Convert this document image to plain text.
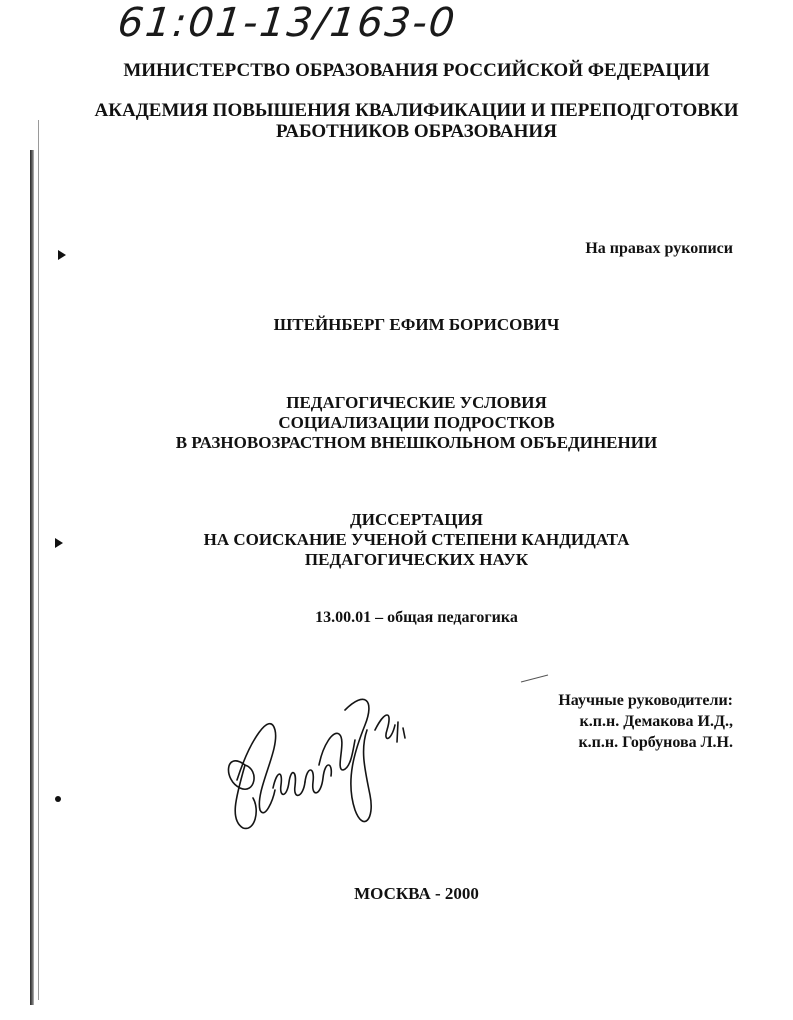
61:01-13/163-0
МИНИСТЕРСТВО ОБРАЗОВАНИЯ РОССИЙСКОЙ ФЕДЕРАЦИИ
АКАДЕМИЯ ПОВЫШЕНИЯ КВАЛИФИКАЦИИ И ПЕРЕПОДГОТОВКИ
РАБОТНИКОВ ОБРАЗОВАНИЯ
На правах рукописи
ШТЕЙНБЕРГ ЕФИМ БОРИСОВИЧ
ПЕДАГОГИЧЕСКИЕ УСЛОВИЯ
СОЦИАЛИЗАЦИИ ПОДРОСТКОВ
В РАЗНОВОЗРАСТНОМ ВНЕШКОЛЬНОМ ОБЪЕДИНЕНИИ
ДИССЕРТАЦИЯ
НА СОИСКАНИЕ УЧЕНОЙ СТЕПЕНИ КАНДИДАТА
ПЕДАГОГИЧЕСКИХ НАУК
13.00.01 – общая педагогика
Научные руководители:
к.п.н. Демакова И.Д.,
к.п.н. Горбунова Л.Н.
МОСКВА - 2000
